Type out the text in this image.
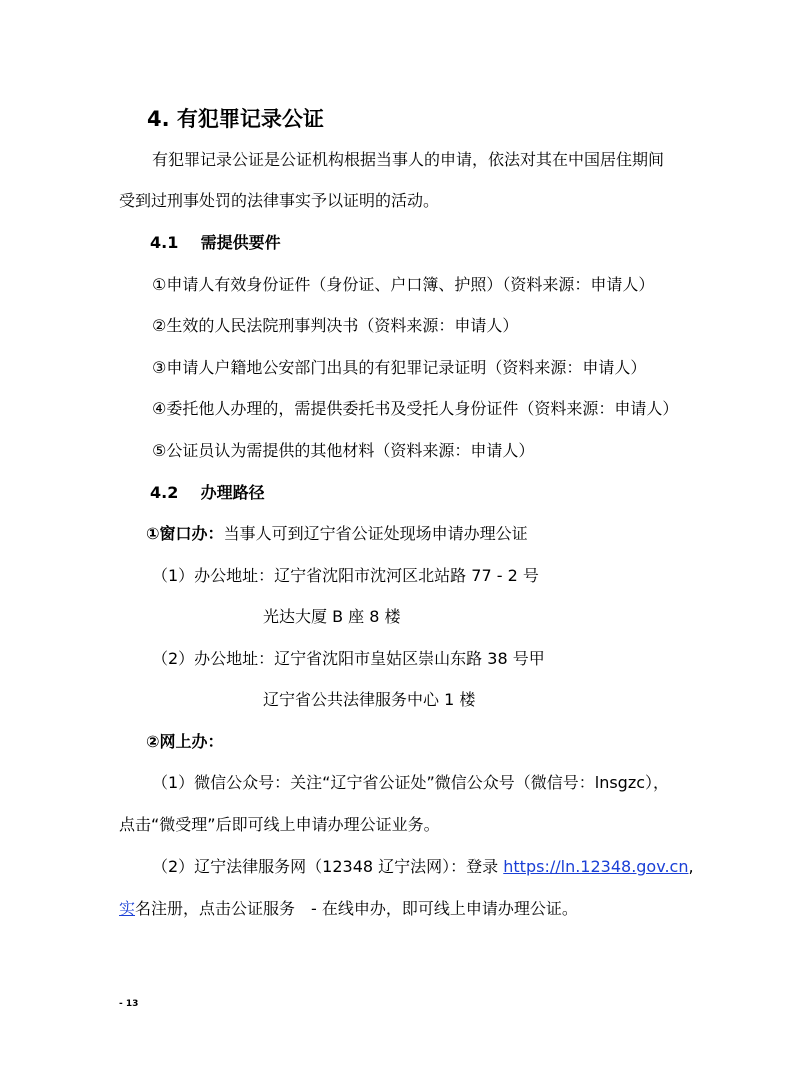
4. 有犯罪记录公证
有犯罪记录公证是公证机构根据当事人的申请，依法对其在中国居住期间
受到过刑事处罚的法律事实予以证明的活动。
4.1 需提供要件
①申请人有效身份证件（身份证、户口簿、护照）（资料来源：申请人）
②生效的人民法院刑事判决书（资料来源：申请人）
③申请人户籍地公安部门出具的有犯罪记录证明（资料来源：申请人）
④委托他人办理的，需提供委托书及受托人身份证件（资料来源：申请人）
⑤公证员认为需提供的其他材料（资料来源：申请人）
4.2 办理路径
①窗口办：当事人可到辽宁省公证处现场申请办理公证
（1）办公地址：辽宁省沈阳市沈河区北站路 77 - 2 号
光达大厦 B 座 8 楼
（2）办公地址：辽宁省沈阳市皇姑区崇山东路 38 号甲
辽宁省公共法律服务中心 1 楼
②网上办：
（1）微信公众号：关注“辽宁省公证处”微信公众号（微信号：lnsgzc），
点击“微受理”后即可线上申请办理公证业务。
（2）辽宁法律服务网（12348 辽宁法网）：登录 https://ln.12348.gov.cn,
实名注册，点击公证服务　- 在线申办，即可线上申请办理公证。
- 13
